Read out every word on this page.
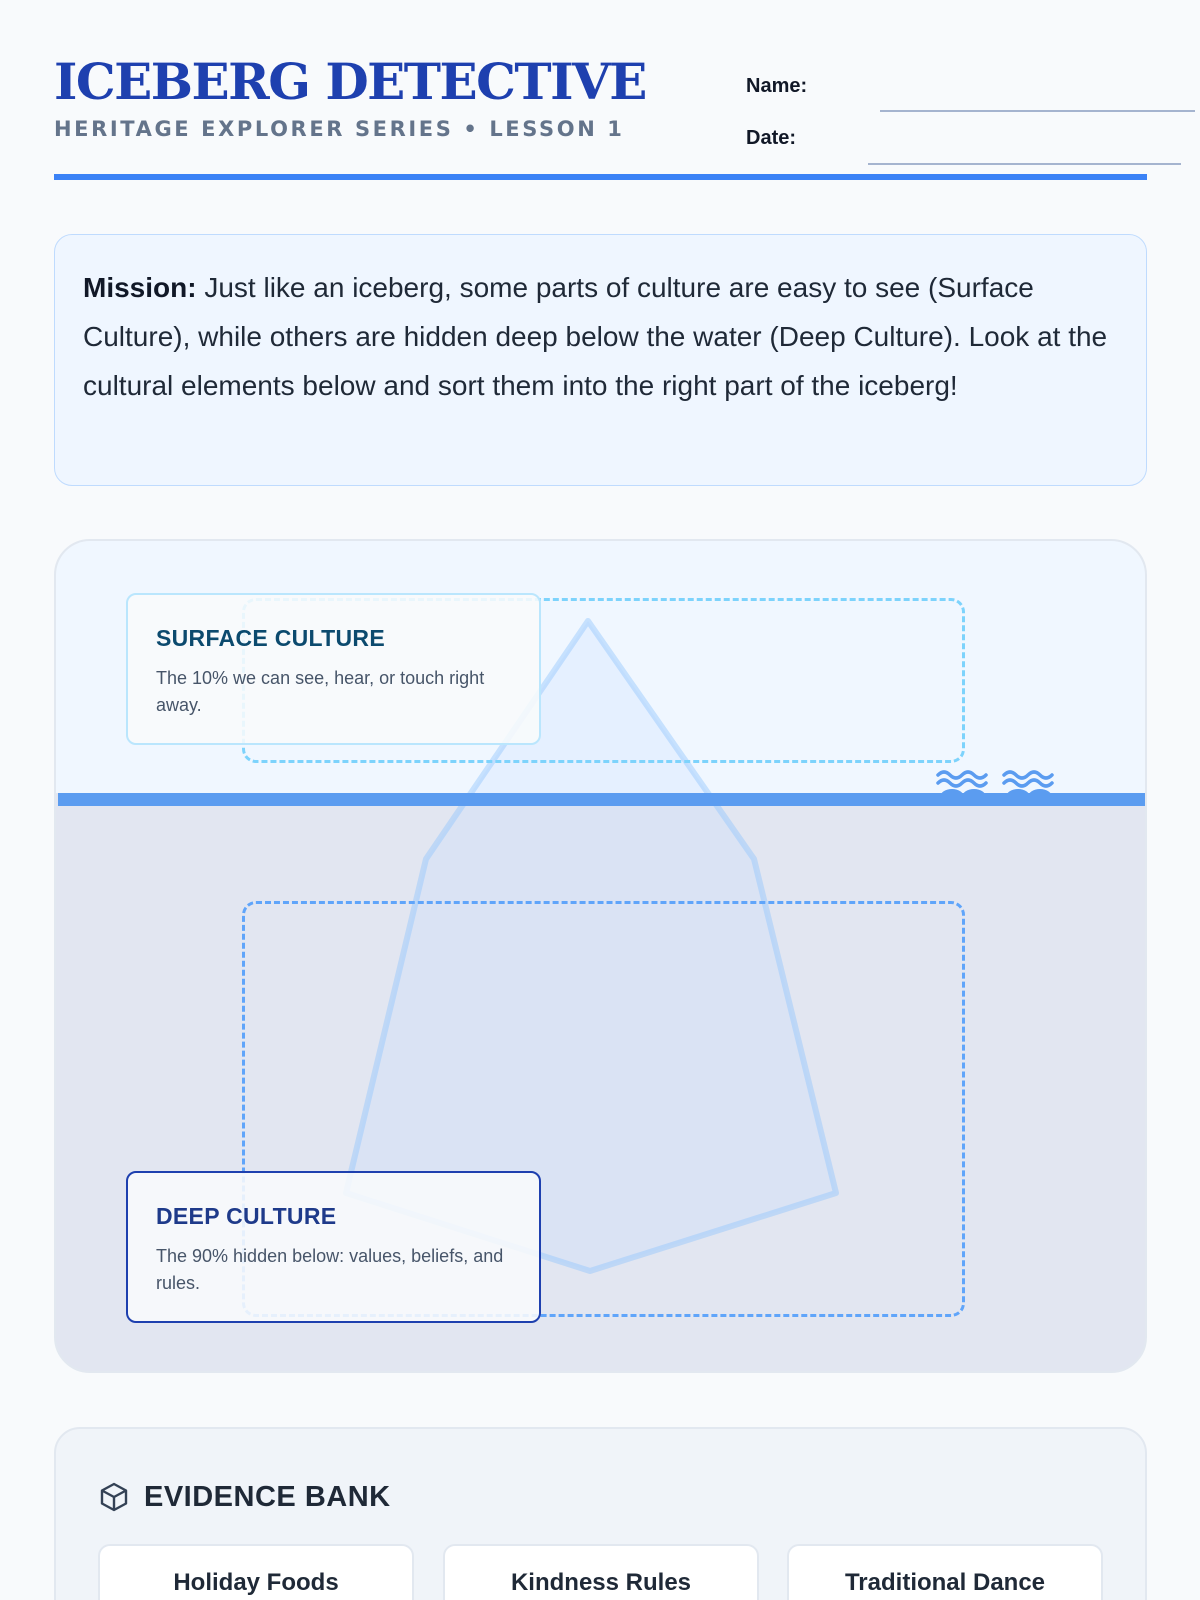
ICEBERG DETECTIVE
HERITAGE EXPLORER SERIES • LESSON 1
Name:
Date:
Mission: Just like an iceberg, some parts of culture are easy to see (Surface Culture), while others are hidden deep below the water (Deep Culture). Look at the cultural elements below and sort them into the right part of the iceberg!
SURFACE CULTURE
The 10% we can see, hear, or touch right away.
DEEP CULTURE
The 90% hidden below: values, beliefs, and rules.
EVIDENCE BANK
Holiday Foods	Kindness Rules	Traditional Dance
